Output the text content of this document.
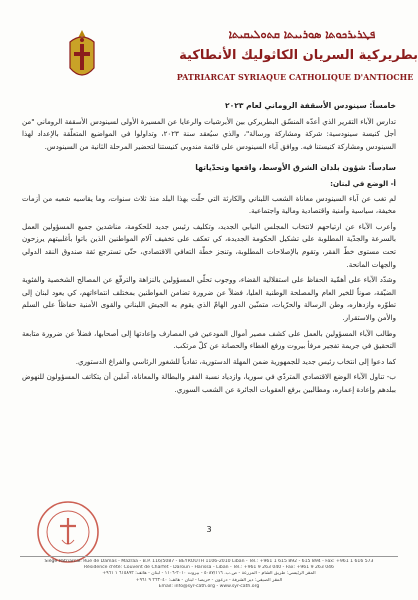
ܦܛܪܝܪܟܘܬܐ ܣܘܪܝܝܬܐ ܩܬܘܠܝܩܝܬܐ
بطريركية السريان الكاثوليك الأنطاكية
PATRIARCAT SYRIAQUE CATHOLIQUE D'ANTIOCHE
خامساً: سينودس الأسقفة الروماني لعام ٢٠٢٣

تدارس الآباء التقرير الذي أعدّه المنسّق البطريركي بين الأبرشيات والرعايا عن المسيرة الأولى لسينودس الأسقفة الروماني "من أجل كنيسة سينودسية: شركة ومشاركة ورسالة"، والذي سيُعقد سنة ٢٠٢٣، وتداولوا في المواضيع المتعلّقة بالإعداد لهذا السينودس ومشاركة كنيستنا فيه. ووافق آباء السينودس على قائمة مندوبي كنيستنا لتحضير المرحلة الثانية من السينودس.

سادساً: شؤون بلدان الشرق الأوسط، واقعها وتحدّياتها
أ- الوضع في لبنان:

لم تغب عن آباء السينودس معاناة الشعب اللبناني والكارثة التي حلّت بهذا البلد منذ ثلاث سنوات، وما يقاسيه شعبه من أزمات مخيفة، سياسية وأمنية واقتصادية ومالية واجتماعية.

وأعرب الآباء عن ارتياحهم لانتخاب المجلس النيابي الجديد، وتكليف رئيس جديد للحكومة، مناشدين جميع المسؤولين العمل بالسرعة والجدّية المطلوبة على تشكيل الحكومة الجديدة، كي تعكف على تخفيف آلام المواطنين الذين باتوا بأغلبيتهم يرزحون تحت مستوى خطّ الفقر، وتقوم بالإصلاحات المطلوبة، وتنجز خطّة التعافي الاقتصادي، حتّى تسترجع ثقة صندوق النقد الدولي والجهات المانحة.

وشدّد الآباء على أهمّية الحفاظ على استقلالية القضاء، ووجوب تحلّي المسؤولين بالنزاهة والترفّع عن المصالح الشخصية والفئوية الضيّقة، صوناً للخير العام والمصلحة الوطنية العليا، فضلاً عن ضرورة تضامن المواطنين بمختلف انتماءاتهم، كي يعود لبنان إلى تطوّره وازدهاره، وطن الرسالة والحرّيات، متمنّين الدور الهامّ الذي يقوم به الجيش اللبناني والقوى الأمنية حفاظاً على السلم والأمن والاستقرار.

وطالب الآباء المسؤولين بالعمل على كشف مصير أموال المودعين في المصارف وإعادتها إلى أصحابها، فضلاً عن ضرورة متابعة التحقيق في جريمة تفجير مرفأ بيروت ورفع الغطاء والحصانة عن كلّ مرتكب.

كما دعوا إلى انتخاب رئيس جديد للجمهورية ضمن المهلة الدستورية، تفادياً للشغور الرئاسي والفراغ الدستوري.

ب- تناول الآباء الوضع الاقتصادي المتردّي في سوريا، وازدياد نسبة الفقر والبطالة والمعاناة، آملين أن يتكاتف المسؤولون للنهوض ببلدهم وإعادة إعماره، ومطالبين برفع العقوبات الجائرة عن الشعب السوري.

3
Siège Patriarcal: Rue de Damas - Mazraa - B.P. 116/5087 - BEYROUTH 1106-2010 Liban - Tél.: +961 1 615 892 - 615 894 - Fax: +961 1 616 573
Résidence d'été: Couvent de Charfet - Daroun - Harissa - Liban - Tél.: +961 9 263 040 - Fax: +961 9 263 046
المقر الرئيسي: طريق الشام - المزرعة - ص.ب. ٥٠٨٧/١١٦ - بيروت ٢٠١٠-١١٠٦ - لبنان - هاتف: ٦١٥٨٩٢ ١ ٩٦١+
المقر الصيفي: دير الشرفة - درعون - حريصا - لبنان - هاتف: ٢٦٣٠٤٠ ٩ ٩٦١+
Email: info@syr-cath.org - www.syr-cath.org
